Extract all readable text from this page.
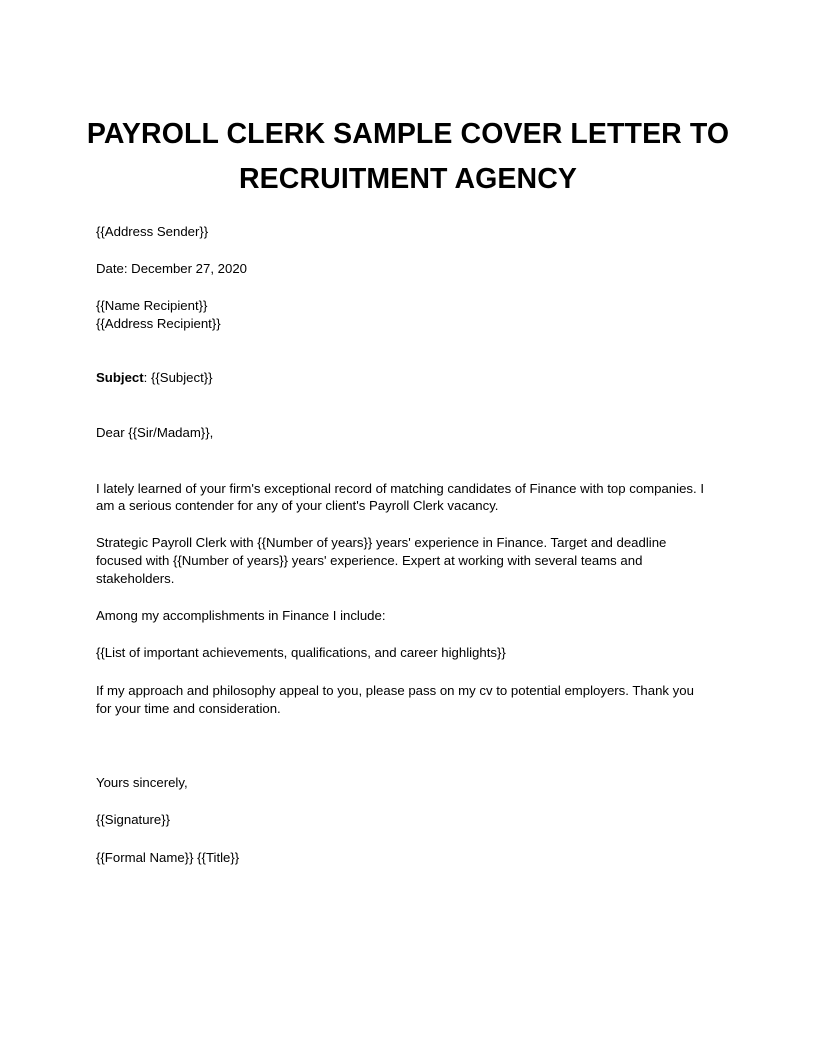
PAYROLL CLERK SAMPLE COVER LETTER TO
RECRUITMENT AGENCY
{{Address Sender}}
Date: December 27, 2020
{{Name Recipient}}
{{Address Recipient}}
Subject: {{Subject}}
Dear {{Sir/Madam}},
I lately learned of your firm's exceptional record of matching candidates of Finance with top companies. I
am a serious contender for any of your client's Payroll Clerk vacancy.
Strategic Payroll Clerk with {{Number of years}} years' experience in Finance. Target and deadline
focused with {{Number of years}} years' experience. Expert at working with several teams and
stakeholders.
Among my accomplishments in Finance I include:
{{List of important achievements, qualifications, and career highlights}}
If my approach and philosophy appeal to you, please pass on my cv to potential employers. Thank you
for your time and consideration.
Yours sincerely,
{{Signature}}
{{Formal Name}} {{Title}}
